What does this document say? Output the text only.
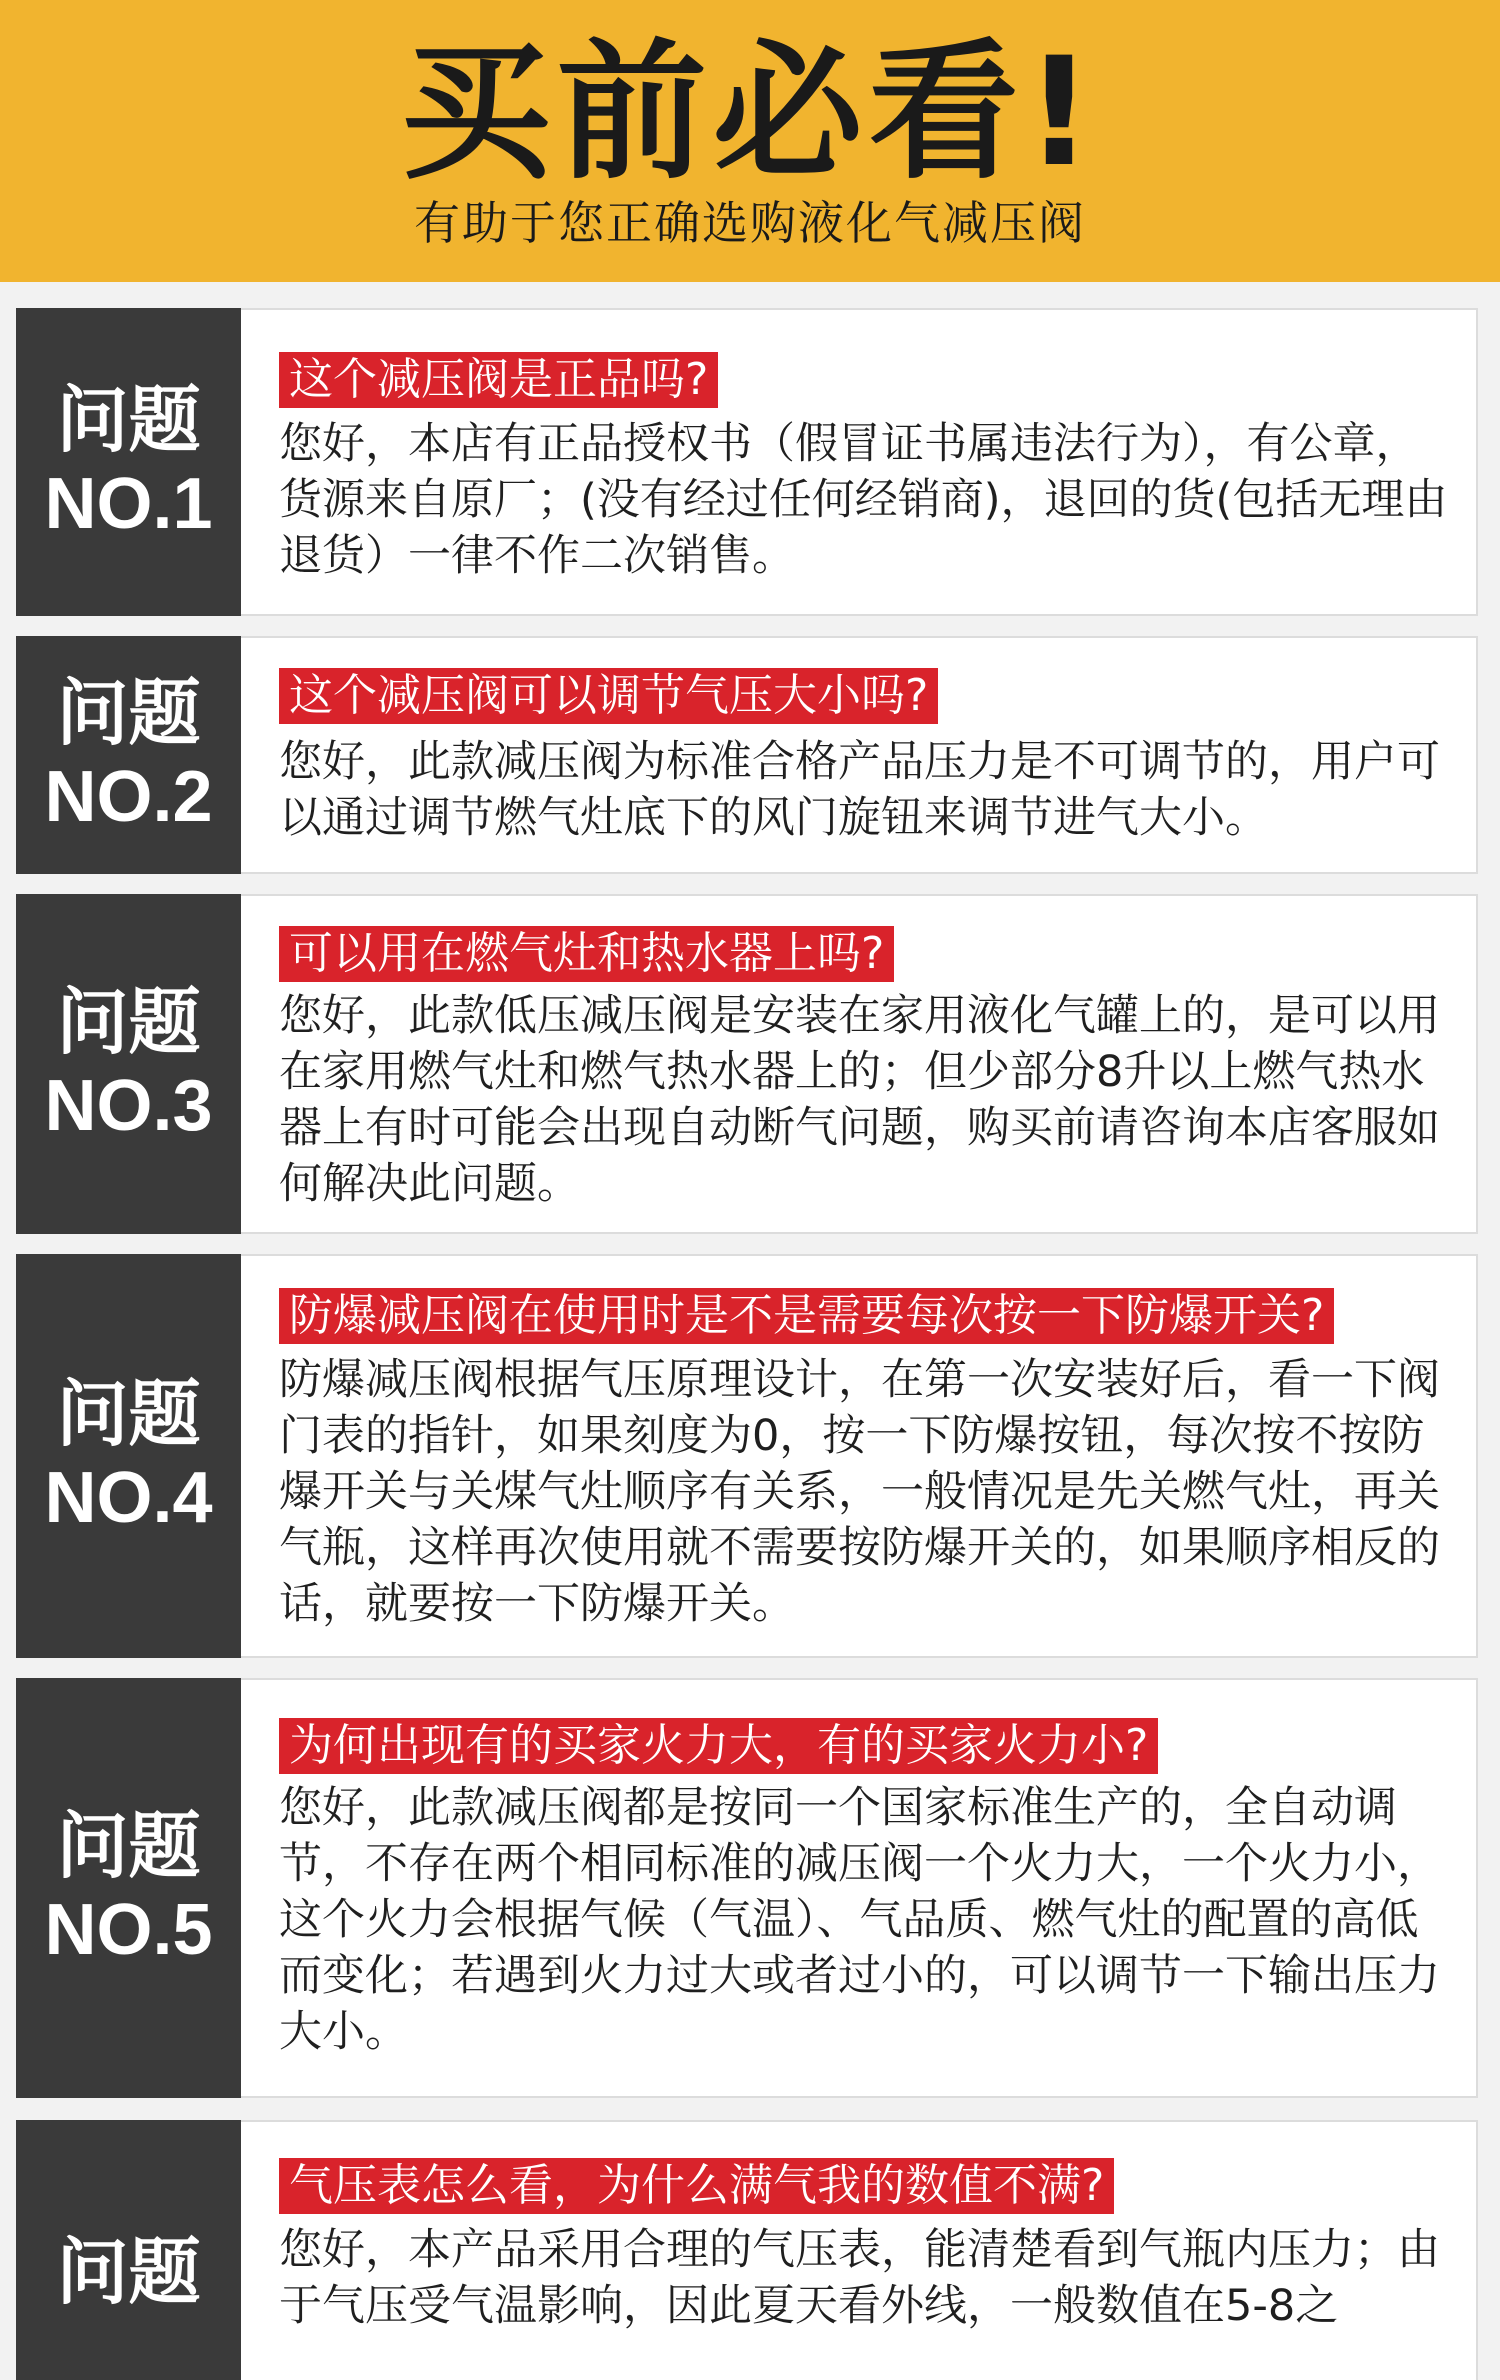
买前必看!
有助于您正确选购液化气减压阀
问题
NO.1
这个减压阀是正品吗?
您好，本店有正品授权书（假冒证书属违法行为），有公章，货源来自原厂；(没有经过任何经销商)，退回的货(包括无理由退货）一律不作二次销售。
问题
NO.2
这个减压阀可以调节气压大小吗?
您好，此款减压阀为标准合格产品压力是不可调节的，用户可以通过调节燃气灶底下的风门旋钮来调节进气大小。
问题
NO.3
可以用在燃气灶和热水器上吗?
您好，此款低压减压阀是安装在家用液化气罐上的，是可以用在家用燃气灶和燃气热水器上的；但少部分8升以上燃气热水器上有时可能会出现自动断气问题，购买前请咨询本店客服如何解决此问题。
问题
NO.4
防爆减压阀在使用时是不是需要每次按一下防爆开关?
防爆减压阀根据气压原理设计，在第一次安装好后，看一下阀门表的指针，如果刻度为0，按一下防爆按钮，每次按不按防爆开关与关煤气灶顺序有关系，一般情况是先关燃气灶，再关气瓶，这样再次使用就不需要按防爆开关的，如果顺序相反的话，就要按一下防爆开关。
问题
NO.5
为何出现有的买家火力大，有的买家火力小?
您好，此款减压阀都是按同一个国家标准生产的，全自动调节，不存在两个相同标准的减压阀一个火力大，一个火力小，这个火力会根据气候（气温）、气品质、燃气灶的配置的高低而变化；若遇到火力过大或者过小的，可以调节一下输出压力大小。
问题
气压表怎么看，为什么满气我的数值不满?
您好，本产品采用合理的气压表，能清楚看到气瓶内压力；由于气压受气温影响，因此夏天看外线，一般数值在5-8之
